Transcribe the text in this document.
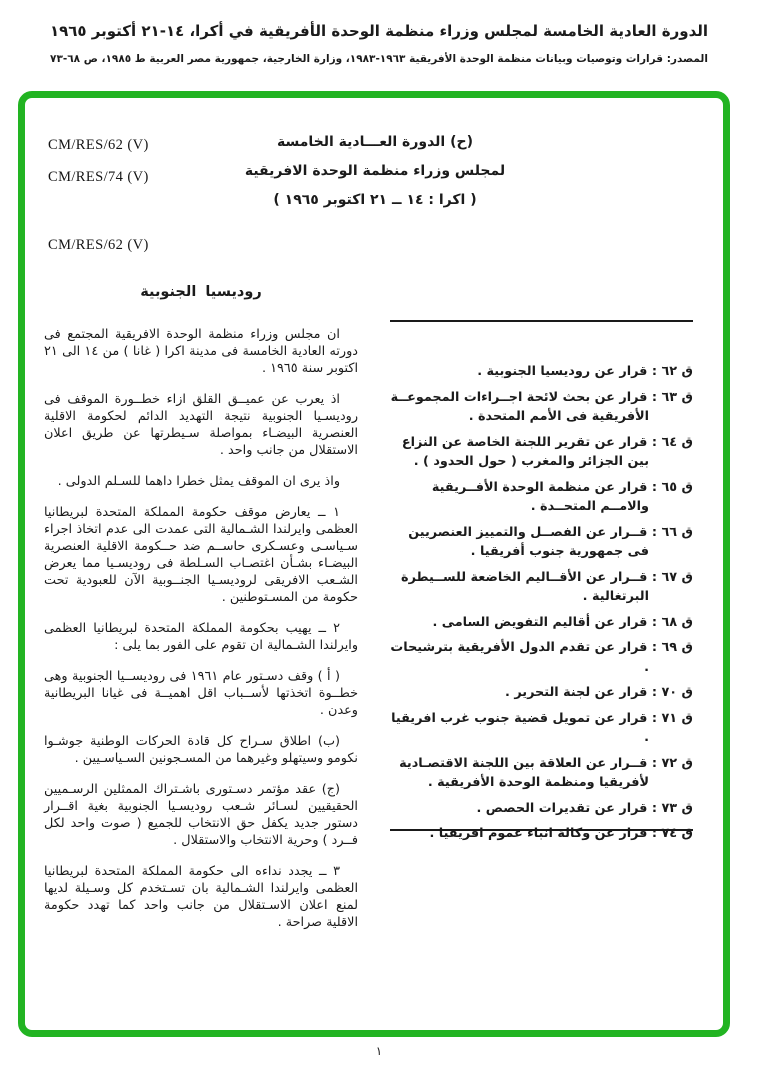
الدورة العادية الخامسة لمجلس وزراء منظمة الوحدة الأفريقية في أكرا، ١٤-٢١ أكتوبر ١٩٦٥
المصدر: قرارات وتوصيات وبيانات منظمة الوحدة الأفريقية ١٩٦٣-١٩٨٣، وزارة الخارجية، جمهورية مصر العربية ط ١٩٨٥، ص ٦٨-٧٣
CM/RES/62 (V)
CM/RES/74 (V)
CM/RES/62 (V)
(ح) الدورة العـــادية الخامسة
لمجلس وزراء منظمة الوحدة الافريقية
( اكرا : ١٤ ــ ٢١ اكتوبر ١٩٦٥ )
روديسيا الجنوبية

ان مجلس وزراء منظمة الوحدة الافريقية المجتمع فى دورته العادية الخامسة فى مدينة اكرا ( غانا ) من ١٤ الى ٢١ اكتوبر سنة ١٩٦٥ .

اذ يعرب عن عميــق القلق ازاء خطــورة الموقف فى روديسـيا الجنوبية نتيجة التهديد الدائم لحكومة الاقلية العنصرية البيضـاء بمواصلة سـيطرتها عن طريق اعلان الاستقلال من جانب واحد .

واذ يرى ان الموقف يمثل خطرا داهما للسـلم الدولى .

١ ــ يعارض موقف حكومة المملكة المتحدة لبريطانيا العظمى وايرلندا الشـمالية التى عمدت الى عدم اتخاذ اجراء سـياسـى وعسـكرى حاســم ضد حــكومة الاقلية العنصرية البيضـاء بشـأن اغتصـاب السـلطة فى روديسـيا مما يعرض الشـعب الافريقى لروديسـيا الجنــوبية الآن للعبودية تحت حكومة من المسـتوطنين .

٢ ــ يهيب بحكومة المملكة المتحدة لبريطانيا العظمى وايرلندا الشـمالية ان تقوم على الفور بما يلى :

( أ ) وقف دسـتور عام ١٩٦١ فى روديســيا الجنوبية وهى خطــوة اتخذتها لأســباب اقل اهميــة فى غيانا البريطانية وعدن .

(ب) اطلاق سـراح كل قادة الحركات الوطنية جوشـوا نكومو وسيتهلو وغيرهما من المسـجونين السـياسـيين .

(ج) عقد مؤتمر دسـتورى باشـتراك الممثلين الرسـميين الحقيقيين لسـائر شـعب روديسـيا الجنوبية بغية اقــرار دستور جديد يكفل حق الانتخاب للجميع ( صوت واحد لكل فــرد ) وحرية الانتخاب والاستقلال .

٣ ــ يجدد نداءه الى حكومة المملكة المتحدة لبريطانيا العظمى وايرلندا الشـمالية بان تسـتخدم كل وسـيلة لديها لمنع اعلان الاسـتقلال من جانب واحد كما تهدد حكومة الاقلية صراحة .

ق ٦٢ : قرار عن روديسيا الجنوبية .
ق ٦٣ : قرار عن بحث لائحة اجــراءات المجموعــة الأفريقية فى الأمم المتحدة .
ق ٦٤ : قرار عن تقرير اللجنة الخاصة عن النزاع بين الجزائر والمغرب ( حول الحدود ) .
ق ٦٥ : قرار عن منظمة الوحدة الأفــريقية والامــم المتحــدة .
ق ٦٦ : قــرار عن الفصــل والتمييز العنصريين فى جمهورية جنوب أفريقيا .
ق ٦٧ : قــرار عن الأقــاليم الخاضعة للســيطرة البرتغالية .
ق ٦٨ : قرار عن أقاليم التفويض السامى .
ق ٦٩ : قرار عن تقدم الدول الأفريقية بترشيحات .
ق ٧٠ : قرار عن لجنة التحرير .
ق ٧١ : قرار عن تمويل قضية جنوب غرب افريقيا .
ق ٧٢ : قــرار عن العلاقة بين اللجنة الاقتصـادية لأفريقيا ومنظمة الوحدة الأفريقية .
ق ٧٣ : قرار عن تقديرات الحصص .
ق ٧٤ : قرار عن وكالة انباء عموم افريقيا .
١
